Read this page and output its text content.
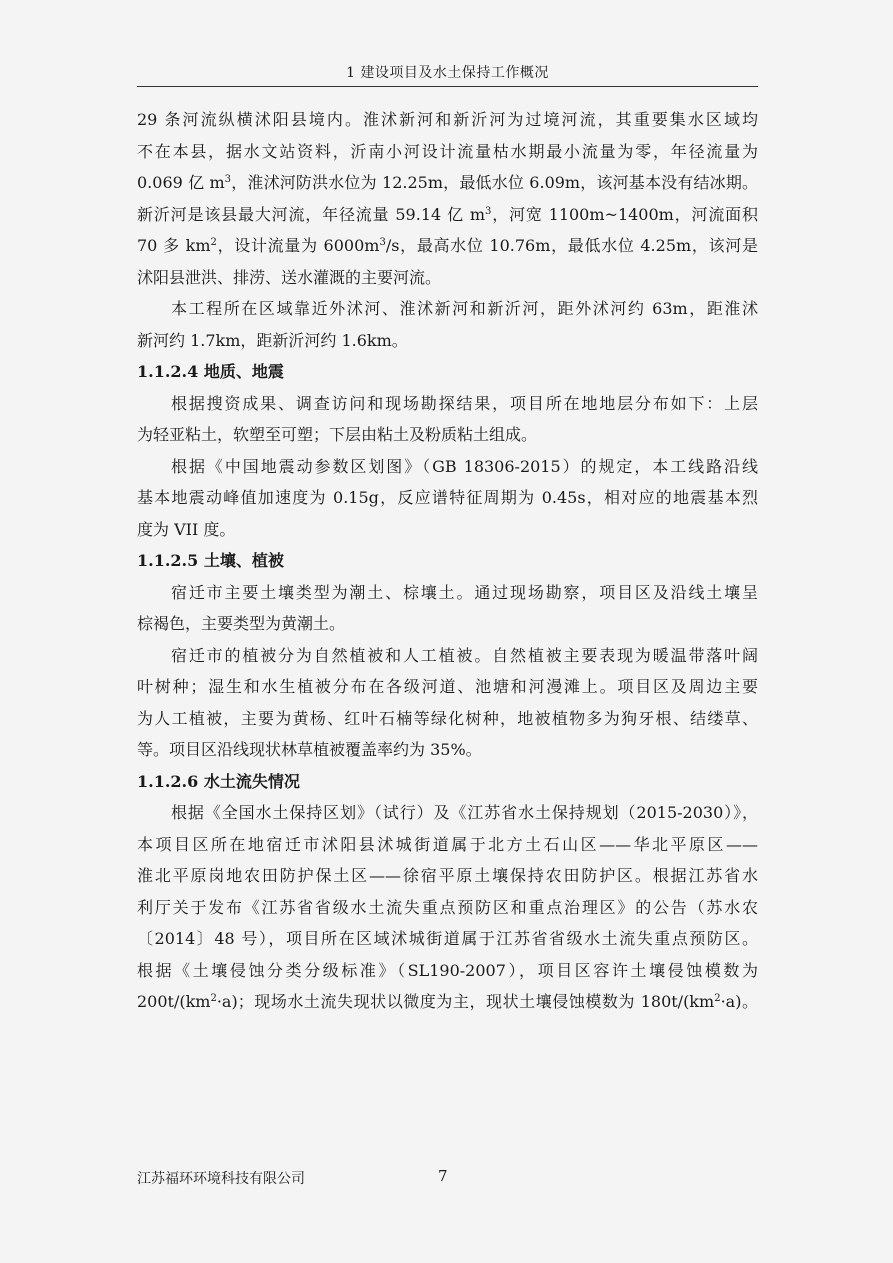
1 建设项目及水土保持工作概况
29 条河流纵横沭阳县境内。淮沭新河和新沂河为过境河流，其重要集水区域均
不在本县，据水文站资料，沂南小河设计流量枯水期最小流量为零，年径流量为
0.069 亿 $m^3$，淮沭河防洪水位为 12.25m，最低水位 6.09m，该河基本没有结冰期。
新沂河是该县最大河流，年径流量 59.14 亿 $m^3$，河宽 1100m~1400m，河流面积
70 多 $km^2$，设计流量为 $6000m^3/s$，最高水位 10.76m，最低水位 4.25m，该河是
沭阳县泄洪、排涝、送水灌溉的主要河流。
本工程所在区域靠近外沭河、淮沭新河和新沂河，距外沭河约 63m，距淮沭
新河约 1.7km，距新沂河约 1.6km。
1.1.2.4 地质、地震
根据搜资成果、调查访问和现场勘探结果，项目所在地地层分布如下：上层
为轻亚粘土，软塑至可塑；下层由粘土及粉质粘土组成。
根据《中国地震动参数区划图》（GB 18306-2015）的规定，本工线路沿线
基本地震动峰值加速度为 0.15g，反应谱特征周期为 0.45s，相对应的地震基本烈
度为 VII 度。
1.1.2.5 土壤、植被
宿迁市主要土壤类型为潮土、棕壤土。通过现场勘察，项目区及沿线土壤呈
棕褐色，主要类型为黄潮土。
宿迁市的植被分为自然植被和人工植被。自然植被主要表现为暖温带落叶阔
叶树种；湿生和水生植被分布在各级河道、池塘和河漫滩上。项目区及周边主要
为人工植被，主要为黄杨、红叶石楠等绿化树种，地被植物多为狗牙根、结缕草、
等。项目区沿线现状林草植被覆盖率约为 35%。
1.1.2.6 水土流失情况
根据《全国水土保持区划》（试行）及《江苏省水土保持规划（2015-2030）》，
本项目区所在地宿迁市沭阳县沭城街道属于北方土石山区——华北平原区——
淮北平原岗地农田防护保土区——徐宿平原土壤保持农田防护区。根据江苏省水
利厅关于发布《江苏省省级水土流失重点预防区和重点治理区》的公告（苏水农
〔2014〕48 号），项目所在区域沭城街道属于江苏省省级水土流失重点预防区。
根据《土壤侵蚀分类分级标准》（SL190-2007），项目区容许土壤侵蚀模数为
$200t/(km^2\cdot a)$；现场水土流失现状以微度为主，现状土壤侵蚀模数为 $180t/(km^2\cdot a)$。
江苏福环环境科技有限公司	7
